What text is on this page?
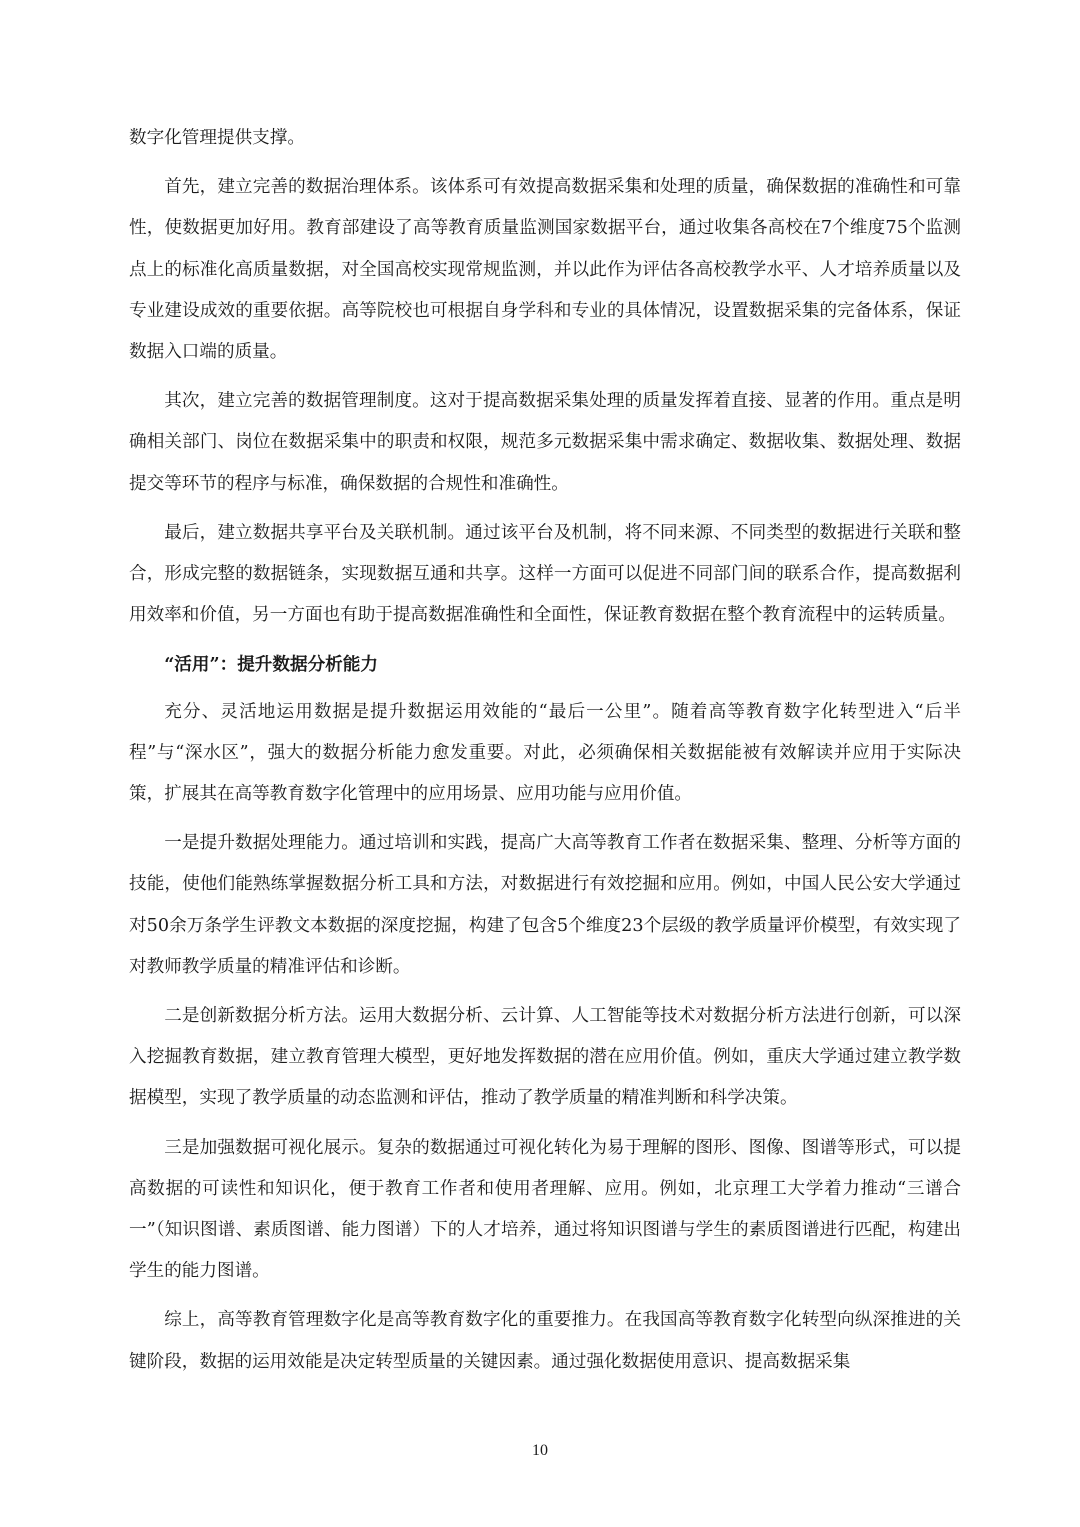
数字化管理提供支撑。

首先，建立完善的数据治理体系。该体系可有效提高数据采集和处理的质量，确保数据的准确性和可靠性，使数据更加好用。教育部建设了高等教育质量监测国家数据平台，通过收集各高校在7个维度75个监测点上的标准化高质量数据，对全国高校实现常规监测，并以此作为评估各高校教学水平、人才培养质量以及专业建设成效的重要依据。高等院校也可根据自身学科和专业的具体情况，设置数据采集的完备体系，保证数据入口端的质量。

其次，建立完善的数据管理制度。这对于提高数据采集处理的质量发挥着直接、显著的作用。重点是明确相关部门、岗位在数据采集中的职责和权限，规范多元数据采集中需求确定、数据收集、数据处理、数据提交等环节的程序与标准，确保数据的合规性和准确性。

最后，建立数据共享平台及关联机制。通过该平台及机制，将不同来源、不同类型的数据进行关联和整合，形成完整的数据链条，实现数据互通和共享。这样一方面可以促进不同部门间的联系合作，提高数据利用效率和价值，另一方面也有助于提高数据准确性和全面性，保证教育数据在整个教育流程中的运转质量。

“活用”：提升数据分析能力

充分、灵活地运用数据是提升数据运用效能的“最后一公里”。随着高等教育数字化转型进入“后半程”与“深水区”，强大的数据分析能力愈发重要。对此，必须确保相关数据能被有效解读并应用于实际决策，扩展其在高等教育数字化管理中的应用场景、应用功能与应用价值。

一是提升数据处理能力。通过培训和实践，提高广大高等教育工作者在数据采集、整理、分析等方面的技能，使他们能熟练掌握数据分析工具和方法，对数据进行有效挖掘和应用。例如，中国人民公安大学通过对50余万条学生评教文本数据的深度挖掘，构建了包含5个维度23个层级的教学质量评价模型，有效实现了对教师教学质量的精准评估和诊断。

二是创新数据分析方法。运用大数据分析、云计算、人工智能等技术对数据分析方法进行创新，可以深入挖掘教育数据，建立教育管理大模型，更好地发挥数据的潜在应用价值。例如，重庆大学通过建立教学数据模型，实现了教学质量的动态监测和评估，推动了教学质量的精准判断和科学决策。

三是加强数据可视化展示。复杂的数据通过可视化转化为易于理解的图形、图像、图谱等形式，可以提高数据的可读性和知识化，便于教育工作者和使用者理解、应用。例如，北京理工大学着力推动“三谱合一”（知识图谱、素质图谱、能力图谱）下的人才培养，通过将知识图谱与学生的素质图谱进行匹配，构建出学生的能力图谱。

综上，高等教育管理数字化是高等教育数字化的重要推力。在我国高等教育数字化转型向纵深推进的关键阶段，数据的运用效能是决定转型质量的关键因素。通过强化数据使用意识、提高数据采集

10
